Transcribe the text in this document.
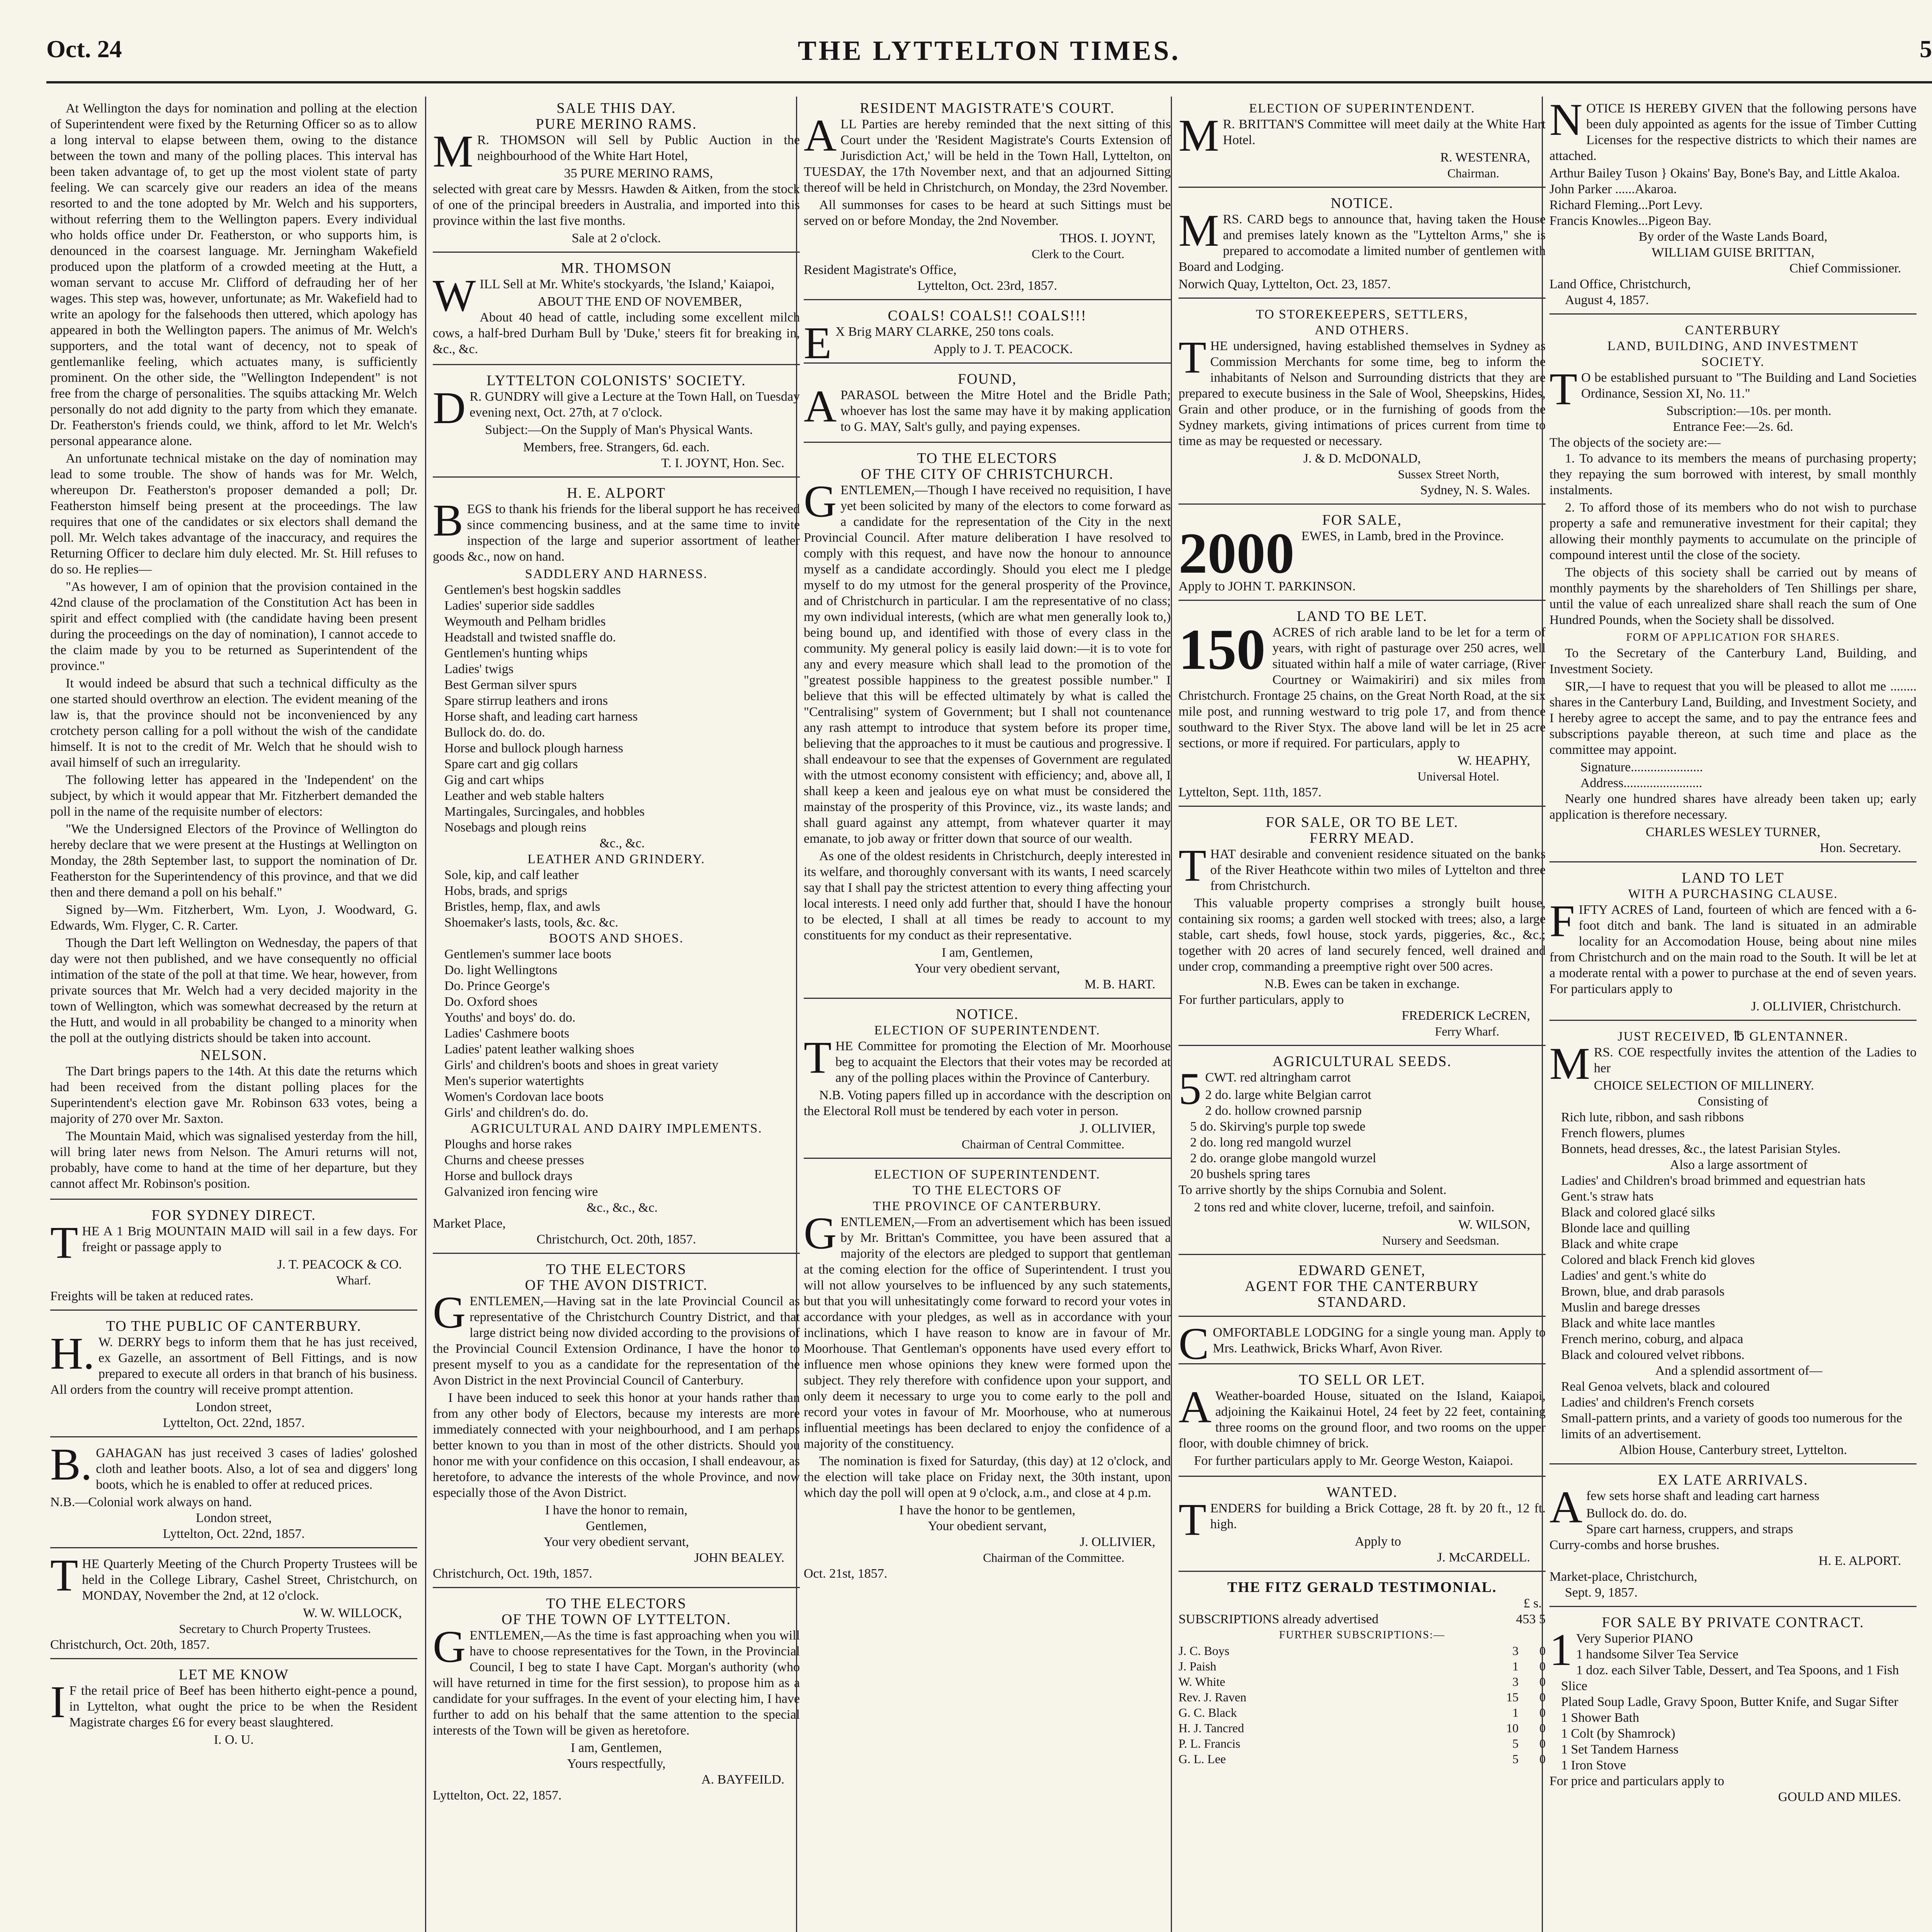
Oct. 24	THE LYTTELTON TIMES.	5

At Wellington the days for nomination and polling at the election of Superintendent were fixed by the Returning Officer so as to allow a long interval to elapse between them, owing to the distance between the town and many of the polling places. This interval has been taken advantage of, to get up the most violent state of party feeling. We can scarcely give our readers an idea of the means resorted to and the tone adopted by Mr. Welch and his supporters, without referring them to the Wellington papers. Every individual who holds office under Dr. Featherston, or who supports him, is denounced in the coarsest language. Mr. Jerningham Wakefield produced upon the platform of a crowded meeting at the Hutt, a woman servant to accuse Mr. Clifford of defrauding her of her wages. This step was, however, unfortunate; as Mr. Wakefield had to write an apology for the falsehoods then uttered, which apology has appeared in both the Wellington papers. The animus of Mr. Welch's supporters, and the total want of decency, not to speak of gentlemanlike feeling, which actuates many, is sufficiently prominent. On the other side, the "Wellington Independent" is not free from the charge of personalities. The squibs attacking Mr. Welch personally do not add dignity to the party from which they emanate. Dr. Featherston's friends could, we think, afford to let Mr. Welch's personal appearance alone.

An unfortunate technical mistake on the day of nomination may lead to some trouble. The show of hands was for Mr. Welch, whereupon Dr. Featherston's proposer demanded a poll; Dr. Featherston himself being present at the proceedings. The law requires that one of the candidates or six electors shall demand the poll. Mr. Welch takes advantage of the inaccuracy, and requires the Returning Officer to declare him duly elected. Mr. St. Hill refuses to do so. He replies—

"As however, I am of opinion that the provision contained in the 42nd clause of the proclamation of the Constitution Act has been in spirit and effect complied with (the candidate having been present during the proceedings on the day of nomination), I cannot accede to the claim made by you to be returned as Superintendent of the province."

It would indeed be absurd that such a technical difficulty as the one started should overthrow an election. The evident meaning of the law is, that the province should not be inconvenienced by any crotchety person calling for a poll without the wish of the candidate himself. It is not to the credit of Mr. Welch that he should wish to avail himself of such an irregularity.

The following letter has appeared in the 'Independent' on the subject, by which it would appear that Mr. Fitzherbert demanded the poll in the name of the requisite number of electors:

"We the Undersigned Electors of the Province of Wellington do hereby declare that we were present at the Hustings at Wellington on Monday, the 28th September last, to support the nomination of Dr. Featherston for the Superintendency of this province, and that we did then and there demand a poll on his behalf."

Signed by—Wm. Fitzherbert, Wm. Lyon, J. Woodward, G. Edwards, Wm. Flyger, C. R. Carter.

Though the Dart left Wellington on Wednesday, the papers of that day were not then published, and we have consequently no official intimation of the state of the poll at that time. We hear, however, from private sources that Mr. Welch had a very decided majority in the town of Wellington, which was somewhat decreased by the return at the Hutt, and would in all probability be changed to a minority when the poll at the outlying districts should be taken into account.

NELSON.

The Dart brings papers to the 14th. At this date the returns which had been received from the distant polling places for the Superintendent's election gave Mr. Robinson 633 votes, being a majority of 270 over Mr. Saxton.

The Mountain Maid, which was signalised yesterday from the hill, will bring later news from Nelson. The Amuri returns will not, probably, have come to hand at the time of her departure, but they cannot affect Mr. Robinson's position.

FOR SYDNEY DIRECT.
T HE A 1 Brig MOUNTAIN MAID will sail in a few days. For freight or passage apply to

J. T. PEACOCK & CO.
Wharf.
Freights will be taken at reduced rates.
TO THE PUBLIC OF CANTERBURY.
H. W. DERRY begs to inform them that he has just received, ex Gazelle, an assortment of Bell Fittings, and is now prepared to execute all orders in that branch of his business. All orders from the country will receive prompt attention.

London street,
Lyttelton, Oct. 22nd, 1857.
B. GAHAGAN has just received 3 cases of ladies' goloshed cloth and leather boots. Also, a lot of sea and diggers' long boots, which he is enabled to offer at reduced prices.

N.B.—Colonial work always on hand.
London street,
Lyttelton, Oct. 22nd, 1857.
T HE Quarterly Meeting of the Church Property Trustees will be held in the College Library, Cashel Street, Christchurch, on MONDAY, November the 2nd, at 12 o'clock.

W. W. WILLOCK,
Secretary to Church Property Trustees.
Christchurch, Oct. 20th, 1857.
LET ME KNOW
I F the retail price of Beef has been hitherto eight-pence a pound, in Lyttelton, what ought the price to be when the Resident Magistrate charges £6 for every beast slaughtered.

I. O. U.
SALE THIS DAY.
PURE MERINO RAMS.
M R. THOMSON will Sell by Public Auction in the neighbourhood of the White Hart Hotel,

35 PURE MERINO RAMS,

selected with great care by Messrs. Hawden & Aitken, from the stock of one of the principal breeders in Australia, and imported into this province within the last five months.

Sale at 2 o'clock.
MR. THOMSON
W ILL Sell at Mr. White's stockyards, 'the Island,' Kaiapoi,

ABOUT THE END OF NOVEMBER,

About 40 head of cattle, including some excellent milch cows, a half-bred Durham Bull by 'Duke,' steers fit for breaking in, &c., &c.

LYTTELTON COLONISTS' SOCIETY.
D R. GUNDRY will give a Lecture at the Town Hall, on Tuesday evening next, Oct. 27th, at 7 o'clock.

Subject:—On the Supply of Man's Physical Wants.

Members, free. Strangers, 6d. each.
T. I. JOYNT, Hon. Sec.
H. E. ALPORT
B EGS to thank his friends for the liberal support he has received since commencing business, and at the same time to invite inspection of the large and superior assortment of leather goods &c., now on hand.

SADDLERY AND HARNESS.
Gentlemen's best hogskin saddles
Ladies' superior side saddles
Weymouth and Pelham bridles
Headstall and twisted snaffle do.
Gentlemen's hunting whips
Ladies' twigs
Best German silver spurs
Spare stirrup leathers and irons
Horse shaft, and leading cart harness
Bullock do. do. do.
Horse and bullock plough harness
Spare cart and gig collars
Gig and cart whips
Leather and web stable halters
Martingales, Surcingales, and hobbles
Nosebags and plough reins
&c., &c.
LEATHER AND GRINDERY.
Sole, kip, and calf leather
Hobs, brads, and sprigs
Bristles, hemp, flax, and awls
Shoemaker's lasts, tools, &c. &c.
BOOTS AND SHOES.
Gentlemen's summer lace boots
Do. light Wellingtons
Do. Prince George's
Do. Oxford shoes
Youths' and boys' do. do.
Ladies' Cashmere boots
Ladies' patent leather walking shoes
Girls' and children's boots and shoes in great variety
Men's superior watertights
Women's Cordovan lace boots
Girls' and children's do. do.
AGRICULTURAL AND DAIRY IMPLEMENTS.
Ploughs and horse rakes
Churns and cheese presses
Horse and bullock drays
Galvanized iron fencing wire
&c., &c., &c.
Market Place,
Christchurch, Oct. 20th, 1857.
TO THE ELECTORS
OF THE AVON DISTRICT.
G ENTLEMEN,—Having sat in the late Provincial Council as representative of the Christchurch Country District, and that large district being now divided according to the provisions of the Provincial Council Extension Ordinance, I have the honor to present myself to you as a candidate for the representation of the Avon District in the next Provincial Council of Canterbury.

I have been induced to seek this honor at your hands rather than from any other body of Electors, because my interests are more immediately connected with your neighbourhood, and I am perhaps better known to you than in most of the other districts. Should you honor me with your confidence on this occasion, I shall endeavour, as heretofore, to advance the interests of the whole Province, and now especially those of the Avon District.

I have the honor to remain,
Gentlemen,
Your very obedient servant,
JOHN BEALEY.
Christchurch, Oct. 19th, 1857.
TO THE ELECTORS
OF THE TOWN OF LYTTELTON.
G ENTLEMEN,—As the time is fast approaching when you will have to choose representatives for the Town, in the Provincial Council, I beg to state I have Capt. Morgan's authority (who will have returned in time for the first session), to propose him as a candidate for your suffrages. In the event of your electing him, I have further to add on his behalf that the same attention to the special interests of the Town will be given as heretofore.

I am, Gentlemen,
Yours respectfully,
A. BAYFEILD.
Lyttelton, Oct. 22, 1857.
RESIDENT MAGISTRATE'S COURT.
A LL Parties are hereby reminded that the next sitting of this Court under the 'Resident Magistrate's Courts Extension of Jurisdiction Act,' will be held in the Town Hall, Lyttelton, on TUESDAY, the 17th November next, and that an adjourned Sitting thereof will be held in Christchurch, on Monday, the 23rd November.

All summonses for cases to be heard at such Sittings must be served on or before Monday, the 2nd November.

THOS. I. JOYNT,
Clerk to the Court.
Resident Magistrate's Office,
Lyttelton, Oct. 23rd, 1857.
COALS! COALS!! COALS!!!
E X Brig MARY CLARKE, 250 tons coals.

Apply to J. T. PEACOCK.
FOUND,
A PARASOL between the Mitre Hotel and the Bridle Path; whoever has lost the same may have it by making application to G. MAY, Salt's gully, and paying expenses.

TO THE ELECTORS
OF THE CITY OF CHRISTCHURCH.
G ENTLEMEN,—Though I have received no requisition, I have yet been solicited by many of the electors to come forward as a candidate for the representation of the City in the next Provincial Council. After mature deliberation I have resolved to comply with this request, and have now the honour to announce myself as a candidate accordingly. Should you elect me I pledge myself to do my utmost for the general prosperity of the Province, and of Christchurch in particular. I am the representative of no class; my own individual interests, (which are what men generally look to,) being bound up, and identified with those of every class in the community. My general policy is easily laid down:—it is to vote for any and every measure which shall lead to the promotion of the "greatest possible happiness to the greatest possible number." I believe that this will be effected ultimately by what is called the "Centralising" system of Government; but I shall not countenance any rash attempt to introduce that system before its proper time, believing that the approaches to it must be cautious and progressive. I shall endeavour to see that the expenses of Government are regulated with the utmost economy consistent with efficiency; and, above all, I shall keep a keen and jealous eye on what must be considered the mainstay of the prosperity of this Province, viz., its waste lands; and shall guard against any attempt, from whatever quarter it may emanate, to job away or fritter down that source of our wealth.

As one of the oldest residents in Christchurch, deeply interested in its welfare, and thoroughly conversant with its wants, I need scarcely say that I shall pay the strictest attention to every thing affecting your local interests. I need only add further that, should I have the honour to be elected, I shall at all times be ready to account to my constituents for my conduct as their representative.

I am, Gentlemen,
Your very obedient servant,
M. B. HART.
NOTICE.
ELECTION OF SUPERINTENDENT.
T HE Committee for promoting the Election of Mr. Moorhouse beg to acquaint the Electors that their votes may be recorded at any of the polling places within the Province of Canterbury.

N.B. Voting papers filled up in accordance with the description on the Electoral Roll must be tendered by each voter in person.

J. OLLIVIER,
Chairman of Central Committee.
ELECTION OF SUPERINTENDENT.
TO THE ELECTORS OF
THE PROVINCE OF CANTERBURY.
G ENTLEMEN,—From an advertisement which has been issued by Mr. Brittan's Committee, you have been assured that a majority of the electors are pledged to support that gentleman at the coming election for the office of Superintendent. I trust you will not allow yourselves to be influenced by any such statements, but that you will unhesitatingly come forward to record your votes in accordance with your pledges, as well as in accordance with your inclinations, which I have reason to know are in favour of Mr. Moorhouse. That Gentleman's opponents have used every effort to influence men whose opinions they knew were formed upon the subject. They rely therefore with confidence upon your support, and only deem it necessary to urge you to come early to the poll and record your votes in favour of Mr. Moorhouse, who at numerous influential meetings has been declared to enjoy the confidence of a majority of the constituency.

The nomination is fixed for Saturday, (this day) at 12 o'clock, and the election will take place on Friday next, the 30th instant, upon which day the poll will open at 9 o'clock, a.m., and close at 4 p.m.

I have the honor to be gentlemen,
Your obedient servant,
J. OLLIVIER,
Chairman of the Committee.
Oct. 21st, 1857.
ELECTION OF SUPERINTENDENT.
M R. BRITTAN'S Committee will meet daily at the White Hart Hotel.

R. WESTENRA,
Chairman.
NOTICE.
M RS. CARD begs to announce that, having taken the House and premises lately known as the "Lyttelton Arms," she is prepared to accomodate a limited number of gentlemen with Board and Lodging.

Norwich Quay, Lyttelton, Oct. 23, 1857.
TO STOREKEEPERS, SETTLERS,
AND OTHERS.
T HE undersigned, having established themselves in Sydney as Commission Merchants for some time, beg to inform the inhabitants of Nelson and Surrounding districts that they are prepared to execute business in the Sale of Wool, Sheepskins, Hides, Grain and other produce, or in the furnishing of goods from the Sydney markets, giving intimations of prices current from time to time as may be requested or necessary.

J. & D. McDONALD,
Sussex Street North,
Sydney, N. S. Wales.
FOR SALE,
2000 EWES, in Lamb, bred in the Province.

Apply to JOHN T. PARKINSON.
LAND TO BE LET.
150 ACRES of rich arable land to be let for a term of years, with right of pasturage over 250 acres, well situated within half a mile of water carriage, (River Courtney or Waimakiriri) and six miles from Christchurch. Frontage 25 chains, on the Great North Road, at the six mile post, and running westward to trig pole 17, and from thence southward to the River Styx. The above land will be let in 25 acre sections, or more if required. For particulars, apply to

W. HEAPHY,
Universal Hotel.
Lyttelton, Sept. 11th, 1857.
FOR SALE, OR TO BE LET.
FERRY MEAD.
T HAT desirable and convenient residence situated on the banks of the River Heathcote within two miles of Lyttelton and three from Christchurch.

This valuable property comprises a strongly built house, containing six rooms; a garden well stocked with trees; also, a large stable, cart sheds, fowl house, stock yards, piggeries, &c., &c.; together with 20 acres of land securely fenced, well drained and under crop, commanding a preemptive right over 500 acres.

N.B. Ewes can be taken in exchange.
For further particulars, apply to
FREDERICK LeCREN,
Ferry Wharf.
AGRICULTURAL SEEDS.
5 CWT. red altringham carrot

2 do. large white Belgian carrot
2 do. hollow crowned parsnip
5 do. Skirving's purple top swede
2 do. long red mangold wurzel
2 do. orange globe mangold wurzel
20 bushels spring tares

To arrive shortly by the ships Cornubia and Solent.

2 tons red and white clover, lucerne, trefoil, and sainfoin.

W. WILSON,
Nursery and Seedsman.
EDWARD GENET,
AGENT FOR THE CANTERBURY
STANDARD.
C OMFORTABLE LODGING for a single young man. Apply to Mrs. Leathwick, Bricks Wharf, Avon River.

TO SELL OR LET.
A Weather-boarded House, situated on the Island, Kaiapoi, adjoining the Kaikainui Hotel, 24 feet by 22 feet, containing three rooms on the ground floor, and two rooms on the upper floor, with double chimney of brick.

For further particulars apply to Mr. George Weston, Kaiapoi.

WANTED.
T ENDERS for building a Brick Cottage, 28 ft. by 20 ft., 12 ft. high.

Apply to
J. McCARDELL.
THE FITZ GERALD TESTIMONIAL.
£ s.
SUBSCRIPTIONS already advertised	453 5
FURTHER SUBSCRIPTIONS:—
J. C. Boys	3	0
J. Paish	1	0
W. White	3	0
Rev. J. Raven	15	0
G. C. Black	1	0
H. J. Tancred	10	0
P. L. Francis	5	0
G. L. Lee	5	0
N OTICE IS HEREBY GIVEN that the following persons have been duly appointed as agents for the issue of Timber Cutting Licenses for the respective districts to which their names are attached.

Arthur Bailey Tuson } Okains' Bay, Bone's Bay, and Little Akaloa.
John Parker ......Akaroa.
Richard Fleming...Port Levy.
Francis Knowles...Pigeon Bay.
By order of the Waste Lands Board,
WILLIAM GUISE BRITTAN,
Chief Commissioner.
Land Office, Christchurch,
August 4, 1857.
CANTERBURY
LAND, BUILDING, AND INVESTMENT
SOCIETY.
T O be established pursuant to "The Building and Land Societies Ordinance, Session XI, No. 11."

Subscription:—10s. per month.
Entrance Fee:—2s. 6d.
The objects of the society are:—

1. To advance to its members the means of purchasing property; they repaying the sum borrowed with interest, by small monthly instalments.

2. To afford those of its members who do not wish to purchase property a safe and remunerative investment for their capital; they allowing their monthly payments to accumulate on the principle of compound interest until the close of the society.

The objects of this society shall be carried out by means of monthly payments by the shareholders of Ten Shillings per share, until the value of each unrealized share shall reach the sum of One Hundred Pounds, when the Society shall be dissolved.

FORM OF APPLICATION FOR SHARES.

To the Secretary of the Canterbury Land, Building, and Investment Society.

SIR,—I have to request that you will be pleased to allot me ........ shares in the Canterbury Land, Building, and Investment Society, and I hereby agree to accept the same, and to pay the entrance fees and subscriptions payable thereon, at such time and place as the committee may appoint.

Signature......................
Address........................

Nearly one hundred shares have already been taken up; early application is therefore necessary.

CHARLES WESLEY TURNER,
Hon. Secretary.
LAND TO LET
WITH A PURCHASING CLAUSE.
F IFTY ACRES of Land, fourteen of which are fenced with a 6-foot ditch and bank. The land is situated in an admirable locality for an Accomodation House, being about nine miles from Christchurch and on the main road to the South. It will be let at a moderate rental with a power to purchase at the end of seven years. For particulars apply to

J. OLLIVIER, Christchurch.
JUST RECEIVED, ℔ GLENTANNER.
M RS. COE respectfully invites the attention of the Ladies to her

CHOICE SELECTION OF MILLINERY.
Consisting of
Rich lute, ribbon, and sash ribbons
French flowers, plumes
Bonnets, head dresses, &c., the latest Parisian Styles.
Also a large assortment of
Ladies' and Children's broad brimmed and equestrian hats
Gent.'s straw hats
Black and colored glacé silks
Blonde lace and quilling
Black and white crape
Colored and black French kid gloves
Ladies' and gent.'s white do
Brown, blue, and drab parasols
Muslin and barege dresses
Black and white lace mantles
French merino, coburg, and alpaca
Black and coloured velvet ribbons.
And a splendid assortment of—
Real Genoa velvets, black and coloured
Ladies' and children's French corsets
Small-pattern prints, and a variety of goods too numerous for the limits of an advertisement.
Albion House, Canterbury street, Lyttelton.
EX LATE ARRIVALS.
A few sets horse shaft and leading cart harness

Bullock do. do. do.
Spare cart harness, cruppers, and straps
Curry-combs and horse brushes.
H. E. ALPORT.
Market-place, Christchurch,
Sept. 9, 1857.
FOR SALE BY PRIVATE CONTRACT.
1 Very Superior PIANO
1 handsome Silver Tea Service
1 doz. each Silver Table, Dessert, and Tea Spoons, and 1 Fish Slice
Plated Soup Ladle, Gravy Spoon, Butter Knife, and Sugar Sifter
1 Shower Bath
1 Colt (by Shamrock)
1 Set Tandem Harness
1 Iron Stove
For price and particulars apply to
GOULD AND MILES.
